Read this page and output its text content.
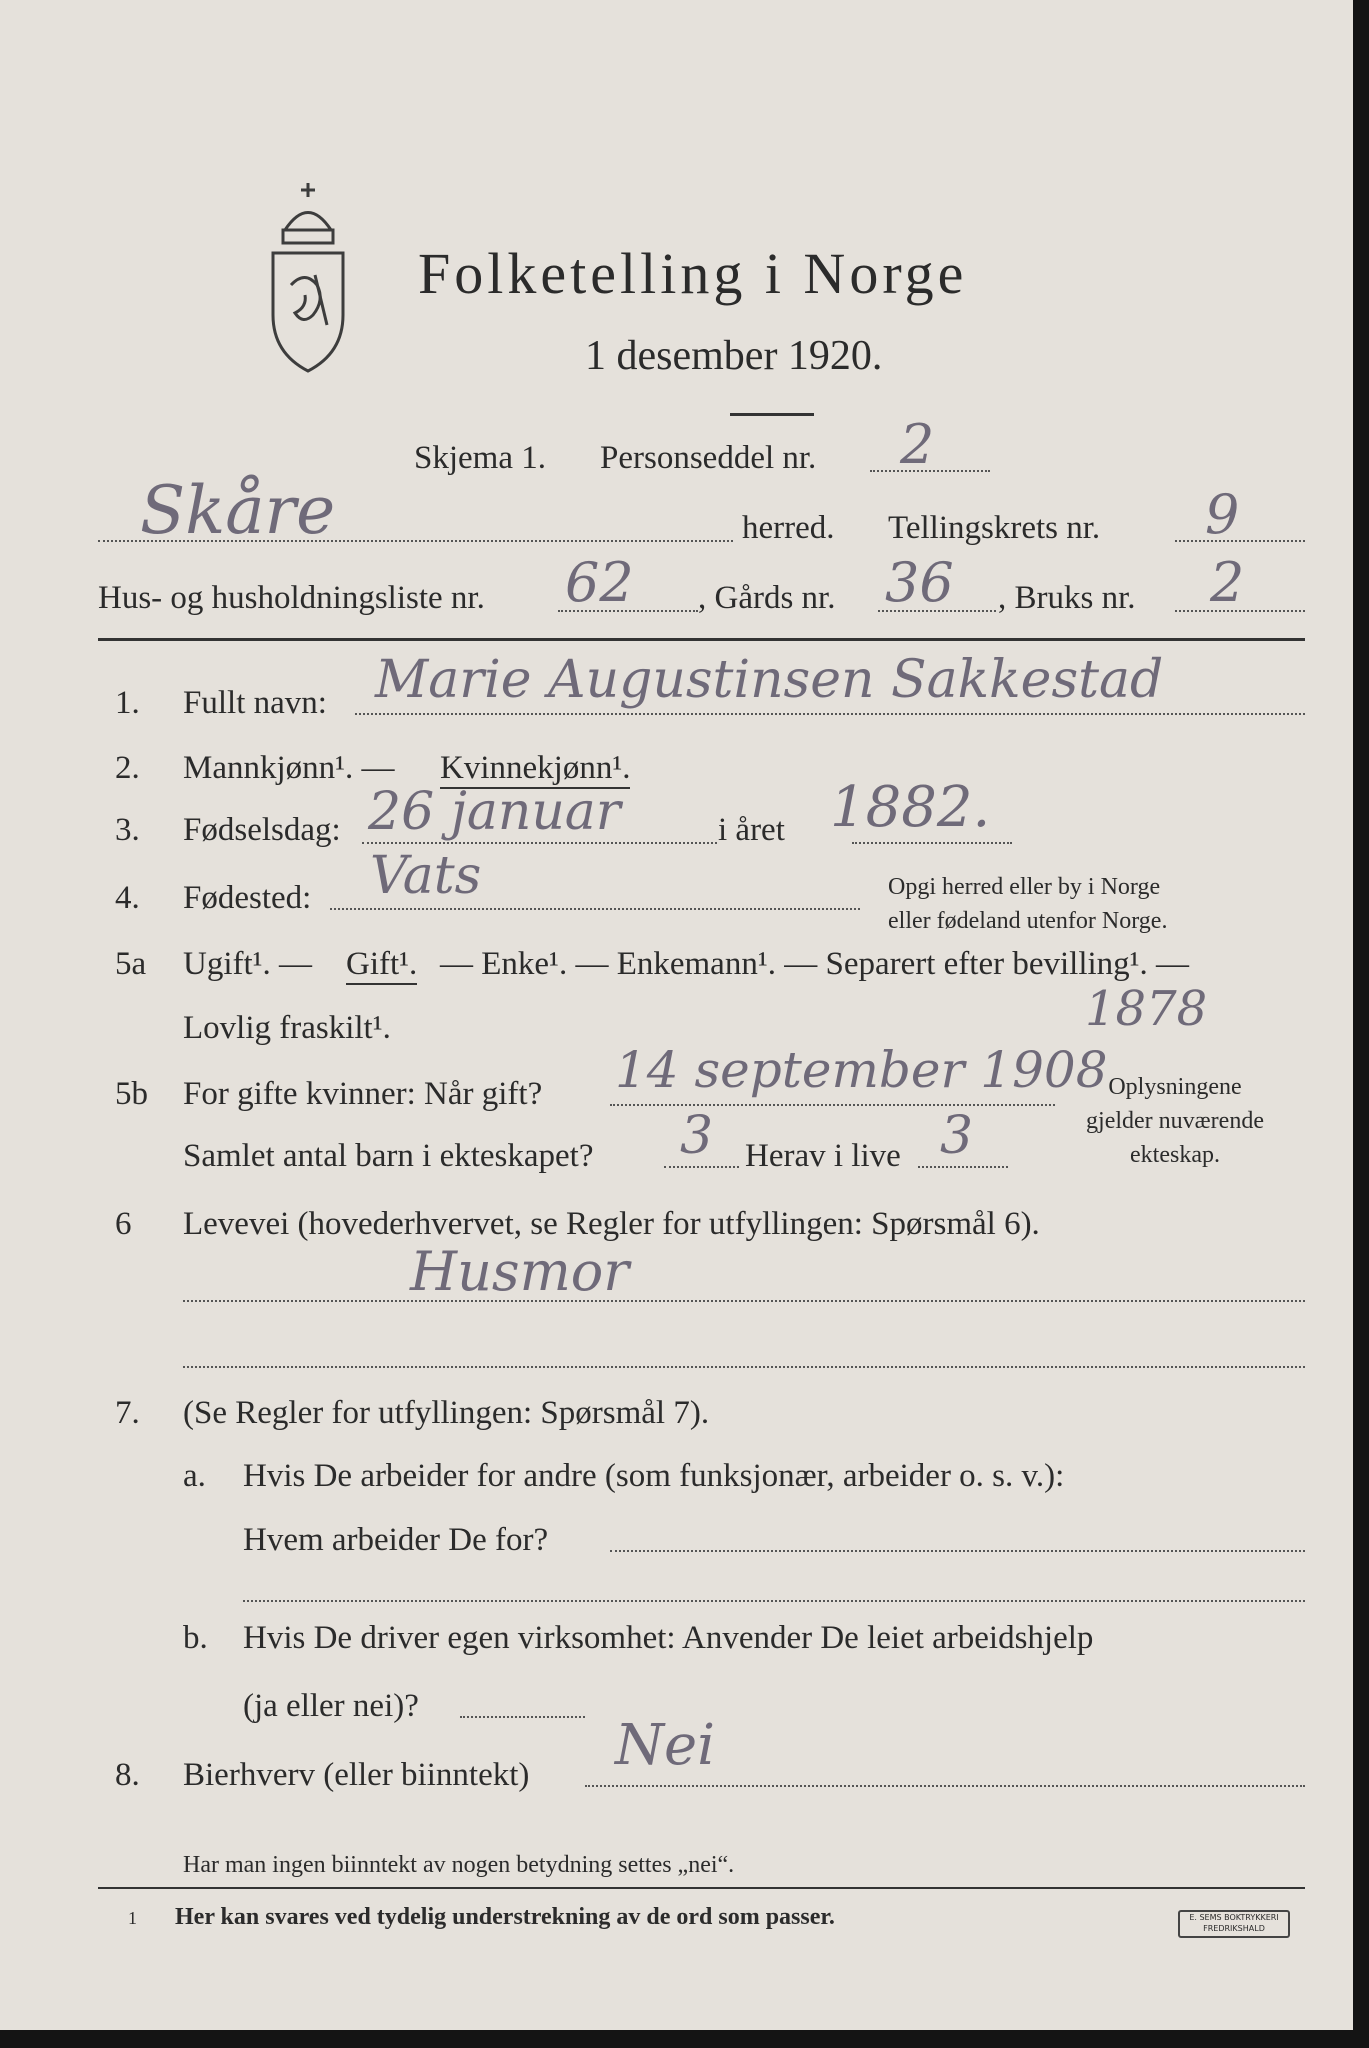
Folketelling i Norge
1 desember 1920.
Skjema 1. Personseddel nr. 2
Skåre	herred. Tellingskrets nr. 9
Hus- og husholdningsliste nr. 62 , Gårds nr. 36 , Bruks nr. 2
1. Fullt navn: Marie Augustinsen Sakkestad
2. Mannkjønn¹. — Kvinnekjønn¹.
3. Fødselsdag: 26 januar	i året 1882.
4. Fødested: Vats	Opgi herred eller by i Norge
eller fødeland utenfor Norge.
5a Ugift¹. — Gift¹. — Enke¹. — Enkemann¹. — Separert efter bevilling¹. —
Lovlig fraskilt¹.	1878
5b For gifte kvinner: Når gift? 14 september 1908
Samlet antal barn i ekteskapet? 3 Herav i live 3
Oplysningene
gjelder nuværende
ekteskap.
6 Levevei (hovederhvervet, se Regler for utfyllingen: Spørsmål 6).
Husmor
7. (Se Regler for utfyllingen: Spørsmål 7).
a. Hvis De arbeider for andre (som funksjonær, arbeider o. s. v.):
Hvem arbeider De for?
b. Hvis De driver egen virksomhet: Anvender De leiet arbeidshjelp
(ja eller nei)?
8. Bierhverv (eller biinntekt) Nei
Har man ingen biinntekt av nogen betydning settes „nei“.
1 Her kan svares ved tydelig understrekning av de ord som passer.	E. SEMS BOKTRYKKERI FREDRIKSHALD
